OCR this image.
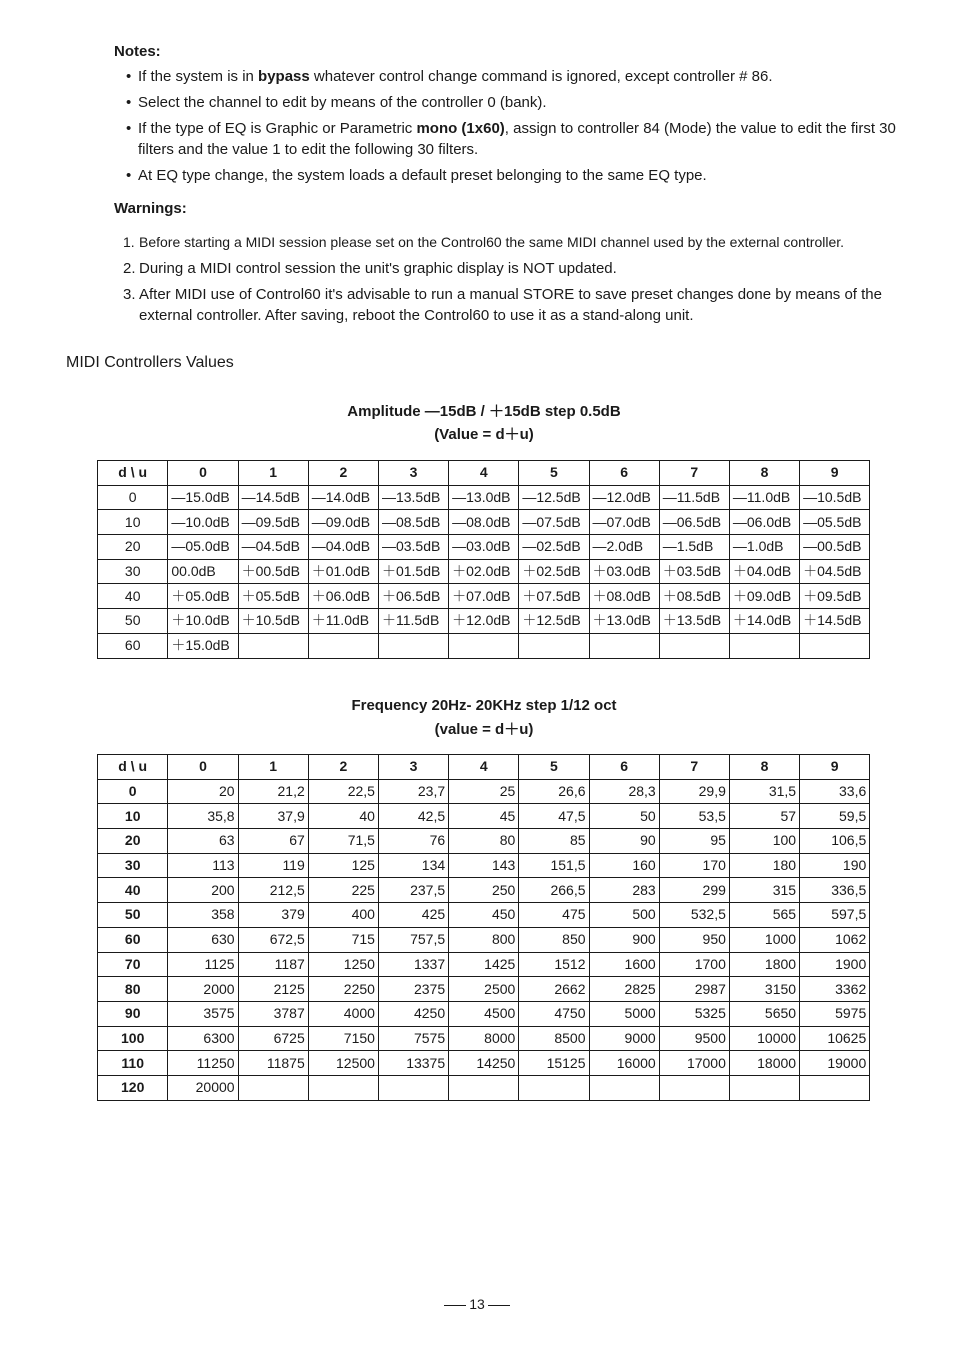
Notes:
• If the system is in bypass whatever control change command is ignored, except controller # 86.
• Select the channel to edit by means of the controller 0 (bank).
• If the type of EQ is Graphic or Parametric mono (1x60), assign to controller 84 (Mode) the value to edit the first 30 filters and the value 1 to edit the following 30 filters.
• At EQ type change, the system loads a default preset belonging to the same EQ type.
Warnings:
1. Before starting a MIDI session please set on the Control60 the same MIDI channel used by the external controller.
2. During a MIDI control session the unit's graphic display is NOT updated.
3. After MIDI use of Control60 it's advisable to run a manual STORE to save preset changes done by means of the external controller. After saving, reboot the Control60 to use it as a stand-along unit.
MIDI Controllers Values
Amplitude —15dB / ＋15dB step 0.5dB
(Value = d＋u)
d \ u	0	1	2	3	4	5	6	7	8	9
0	—15.0dB	—14.5dB	—14.0dB	—13.5dB	—13.0dB	—12.5dB	—12.0dB	—11.5dB	—11.0dB	—10.5dB
10	—10.0dB	—09.5dB	—09.0dB	—08.5dB	—08.0dB	—07.5dB	—07.0dB	—06.5dB	—06.0dB	—05.5dB
20	—05.0dB	—04.5dB	—04.0dB	—03.5dB	—03.0dB	—02.5dB	—2.0dB	—1.5dB	—1.0dB	—00.5dB
30	00.0dB	＋00.5dB	＋01.0dB	＋01.5dB	＋02.0dB	＋02.5dB	＋03.0dB	＋03.5dB	＋04.0dB	＋04.5dB
40	＋05.0dB	＋05.5dB	＋06.0dB	＋06.5dB	＋07.0dB	＋07.5dB	＋08.0dB	＋08.5dB	＋09.0dB	＋09.5dB
50	＋10.0dB	＋10.5dB	＋11.0dB	＋11.5dB	＋12.0dB	＋12.5dB	＋13.0dB	＋13.5dB	＋14.0dB	＋14.5dB
60	＋15.0dB									
Frequency 20Hz- 20KHz step 1/12 oct
(value = d＋u)
d \ u	0	1	2	3	4	5	6	7	8	9
0	20	21,2	22,5	23,7	25	26,6	28,3	29,9	31,5	33,6
10	35,8	37,9	40	42,5	45	47,5	50	53,5	57	59,5
20	63	67	71,5	76	80	85	90	95	100	106,5
30	113	119	125	134	143	151,5	160	170	180	190
40	200	212,5	225	237,5	250	266,5	283	299	315	336,5
50	358	379	400	425	450	475	500	532,5	565	597,5
60	630	672,5	715	757,5	800	850	900	950	1000	1062
70	1125	1187	1250	1337	1425	1512	1600	1700	1800	1900
80	2000	2125	2250	2375	2500	2662	2825	2987	3150	3362
90	3575	3787	4000	4250	4500	4750	5000	5325	5650	5975
100	6300	6725	7150	7575	8000	8500	9000	9500	10000	10625
110	11250	11875	12500	13375	14250	15125	16000	17000	18000	19000
120	20000									
13
